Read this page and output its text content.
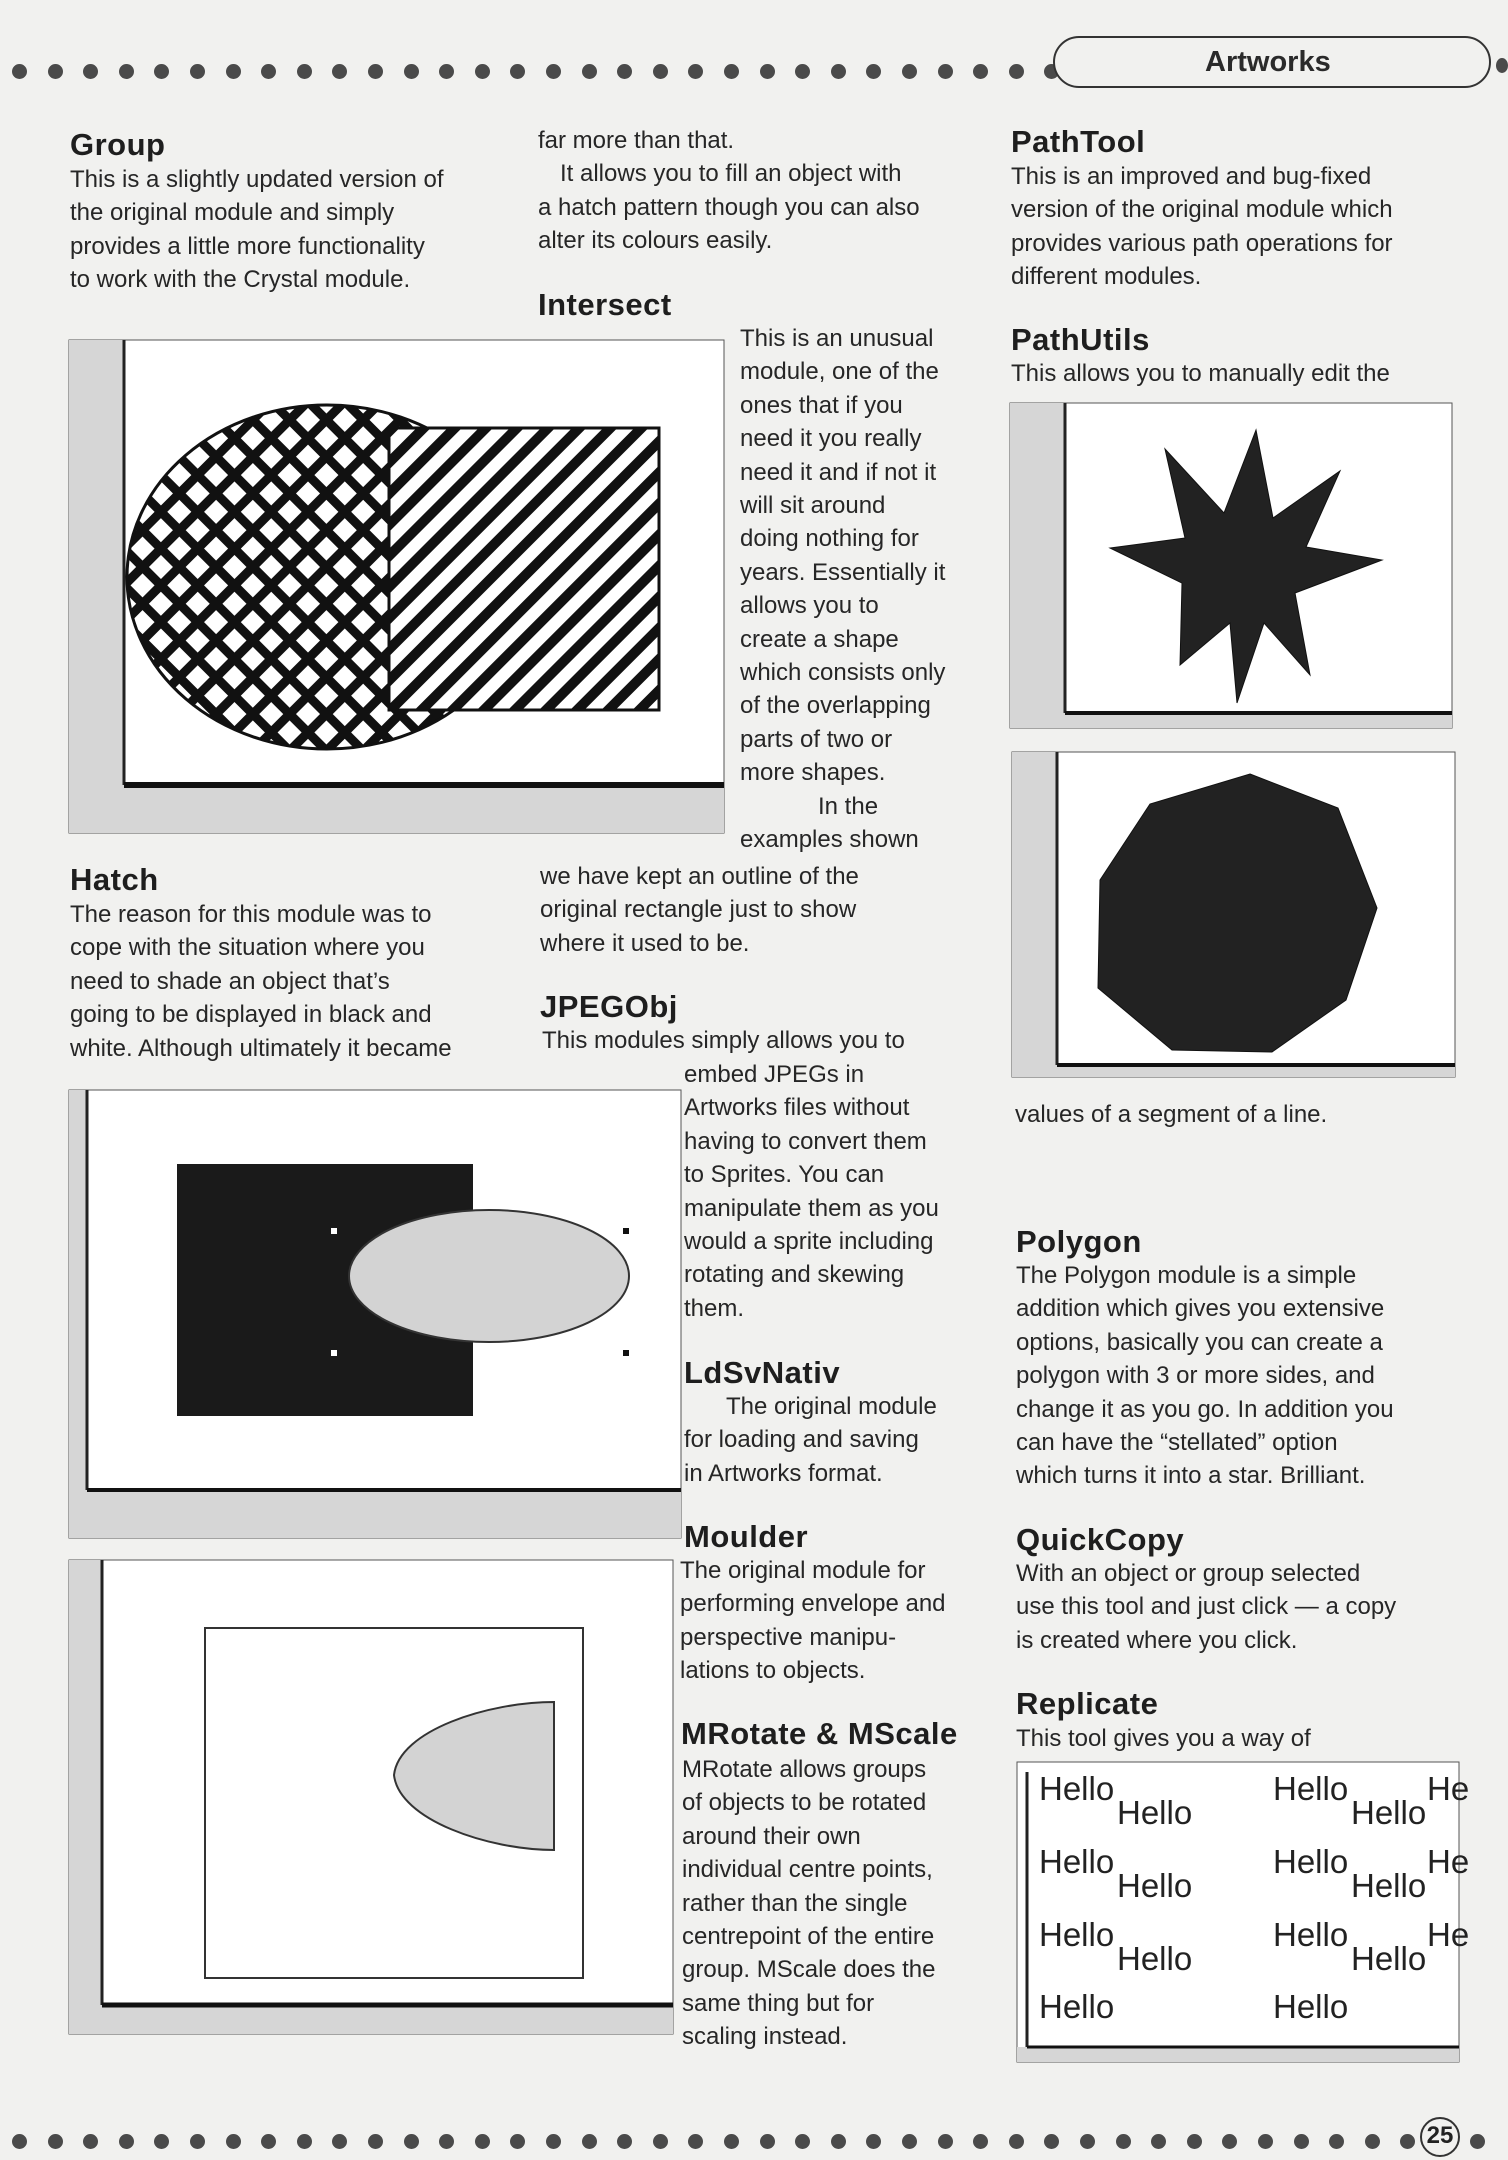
Artworks
25
Group
This is a slightly updated version of
the original module and simply
provides a little more functionality
to work with the Crystal module.
Hatch
The reason for this module was to
cope with the situation where you
need to shade an object that’s
going to be displayed in black and
white. Although ultimately it became
far more than that.
It allows you to fill an object with
a hatch pattern though you can also
alter its colours easily.
Intersect
This is an unusual
module, one of the
ones that if you
need it you really
need it and if not it
will sit around
doing nothing for
years. Essentially it
allows you to
create a shape
which consists only
of the overlapping
parts of two or
more shapes.
In the
examples shown
we have kept an outline of the
original rectangle just to show
where it used to be.
JPEGObj
This modules simply allows you to
embed JPEGs in
Artworks files without
having to convert them
to Sprites. You can
manipulate them as you
would a sprite including
rotating and skewing
them.
LdSvNativ
The original module
for loading and saving
in Artworks format.
Moulder
The original module for
performing envelope and
perspective manipu-
lations to objects.
MRotate & MScale
MRotate allows groups
of objects to be rotated
around their own
individual centre points,
rather than the single
centrepoint of the entire
group. MScale does the
same thing but for
scaling instead.
PathTool
This is an improved and bug-fixed
version of the original module which
provides various path operations for
different modules.
PathUtils
This allows you to manually edit the
values of a segment of a line.
Polygon
The Polygon module is a simple
addition which gives you extensive
options, basically you can create a
polygon with 3 or more sides, and
change it as you go. In addition you
can have the “stellated” option
which turns it into a star. Brilliant.
QuickCopy
With an object or group selected
use this tool and just click — a copy
is created where you click.
Replicate
This tool gives you a way of
Hello	Hello
Hello	Hello
Hello	Hello
Hello	Hello
Hello	Hello
Hello	Hello
Hello	Hello
He
He
He
